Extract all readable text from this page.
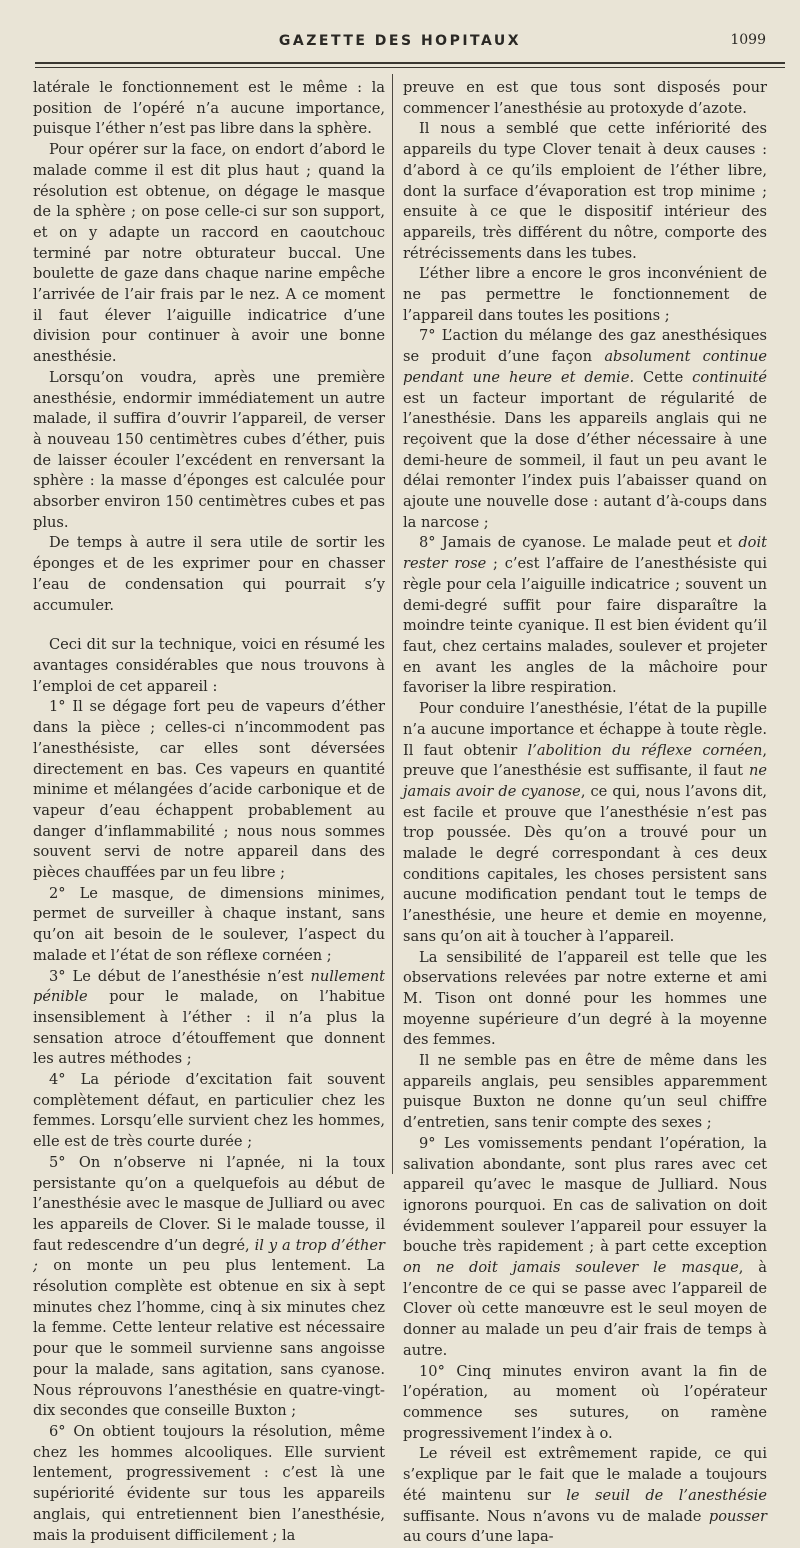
GAZETTE DES HOPITAUX	1099

latérale le fonctionnement est le même : la position de l’opéré n’a aucune importance, puisque l’éther n’est pas libre dans la sphère.

Pour opérer sur la face, on endort d’abord le malade comme il est dit plus haut ; quand la résolution est obtenue, on dégage le masque de la sphère ; on pose celle-ci sur son support, et on y adapte un raccord en caoutchouc terminé par notre obturateur buccal. Une boulette de gaze dans chaque narine empêche l’arrivée de l’air frais par le nez. A ce moment il faut élever l’aiguille indicatrice d’une division pour continuer à avoir une bonne anesthésie.

Lorsqu’on voudra, après une première anesthésie, endormir immédiatement un autre malade, il suffira d’ouvrir l’appareil, de verser à nouveau 150 centimètres cubes d’éther, puis de laisser écouler l’excédent en renversant la sphère : la masse d’éponges est calculée pour absorber environ 150 centimètres cubes et pas plus.

De temps à autre il sera utile de sortir les éponges et de les exprimer pour en chasser l’eau de condensation qui pourrait s’y accumuler.

Ceci dit sur la technique, voici en résumé les avantages considérables que nous trouvons à l’emploi de cet appareil :

1° Il se dégage fort peu de vapeurs d’éther dans la pièce ; celles-ci n’incommodent pas l’anesthésiste, car elles sont déversées directement en bas. Ces vapeurs en quantité minime et mélangées d’acide carbonique et de vapeur d’eau échappent probablement au danger d’inflammabilité ; nous nous sommes souvent servi de notre appareil dans des pièces chauffées par un feu libre ;

2° Le masque, de dimensions minimes, permet de surveiller à chaque instant, sans qu’on ait besoin de le soulever, l’aspect du malade et l’état de son réflexe cornéen ;

3° Le début de l’anesthésie n’est nullement pénible pour le malade, on l’habitue insensiblement à l’éther : il n’a plus la sensation atroce d’étouffement que donnent les autres méthodes ;

4° La période d’excitation fait souvent complètement défaut, en particulier chez les femmes. Lorsqu’elle survient chez les hommes, elle est de très courte durée ;

5° On n’observe ni l’apnée, ni la toux persistante qu’on a quelquefois au début de l’anesthésie avec le masque de Julliard ou avec les appareils de Clover. Si le malade tousse, il faut redescendre d’un degré, il y a trop d’éther ; on monte un peu plus lentement. La résolution complète est obtenue en six à sept minutes chez l’homme, cinq à six minutes chez la femme. Cette lenteur relative est nécessaire pour que le sommeil survienne sans angoisse pour la malade, sans agitation, sans cyanose. Nous réprouvons l’anesthésie en quatre-vingt-dix secondes que conseille Buxton ;

6° On obtient toujours la résolution, même chez les hommes alcooliques. Elle survient lentement, progressivement : c’est là une supériorité évidente sur tous les appareils anglais, qui entretiennent bien l’anesthésie, mais la produisent difficilement ; la

preuve en est que tous sont disposés pour commencer l’anesthésie au protoxyde d’azote.

Il nous a semblé que cette infériorité des appareils du type Clover tenait à deux causes : d’abord à ce qu’ils emploient de l’éther libre, dont la surface d’évaporation est trop minime ; ensuite à ce que le dispositif intérieur des appareils, très différent du nôtre, comporte des rétrécissements dans les tubes.

L’éther libre a encore le gros inconvénient de ne pas permettre le fonctionnement de l’appareil dans toutes les positions ;

7° L’action du mélange des gaz anesthésiques se produit d’une façon absolument continue pendant une heure et demie. Cette continuité est un facteur important de régularité de l’anesthésie. Dans les appareils anglais qui ne reçoivent que la dose d’éther nécessaire à une demi-heure de sommeil, il faut un peu avant le délai remonter l’index puis l’abaisser quand on ajoute une nouvelle dose : autant d’à-coups dans la narcose ;

8° Jamais de cyanose. Le malade peut et doit rester rose ; c’est l’affaire de l’anesthésiste qui règle pour cela l’aiguille indicatrice ; souvent un demi-degré suffit pour faire disparaître la moindre teinte cyanique. Il est bien évident qu’il faut, chez certains malades, soulever et projeter en avant les angles de la mâchoire pour favoriser la libre respiration.

Pour conduire l’anesthésie, l’état de la pupille n’a aucune importance et échappe à toute règle. Il faut obtenir l’abolition du réflexe cornéen, preuve que l’anesthésie est suffisante, il faut ne jamais avoir de cyanose, ce qui, nous l’avons dit, est facile et prouve que l’anesthésie n’est pas trop poussée. Dès qu’on a trouvé pour un malade le degré correspondant à ces deux conditions capitales, les choses persistent sans aucune modification pendant tout le temps de l’anesthésie, une heure et demie en moyenne, sans qu’on ait à toucher à l’appareil.

La sensibilité de l’appareil est telle que les observations relevées par notre externe et ami M. Tison ont donné pour les hommes une moyenne supérieure d’un degré à la moyenne des femmes.

Il ne semble pas en être de même dans les appareils anglais, peu sensibles apparemment puisque Buxton ne donne qu’un seul chiffre d’entretien, sans tenir compte des sexes ;

9° Les vomissements pendant l’opération, la salivation abondante, sont plus rares avec cet appareil qu’avec le masque de Julliard. Nous ignorons pourquoi. En cas de salivation on doit évidemment soulever l’appareil pour essuyer la bouche très rapidement ; à part cette exception on ne doit jamais soulever le masque, à l’encontre de ce qui se passe avec l’appareil de Clover où cette manœuvre est le seul moyen de donner au malade un peu d’air frais de temps à autre.

10° Cinq minutes environ avant la fin de l’opération, au moment où l’opérateur commence ses sutures, on ramène progressivement l’index à o.

Le réveil est extrêmement rapide, ce qui s’explique par le fait que le malade a toujours été maintenu sur le seuil de l’anesthésie suffisante. Nous n’avons vu de malade pousser au cours d’une lapa-
